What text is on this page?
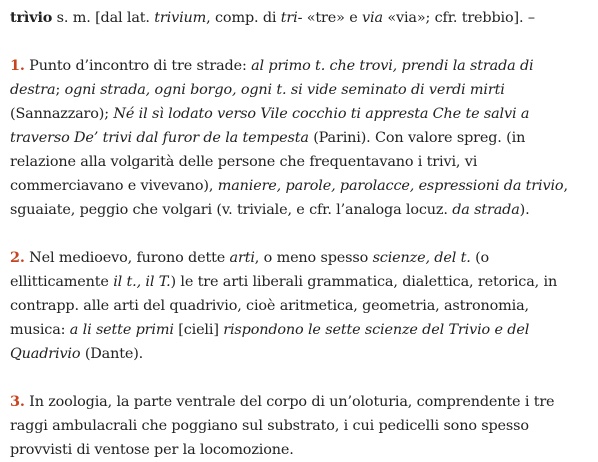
trìvio s. m. [dal lat. trivium, comp. di tri- «tre» e via «via»; cfr. trebbio]. –

1. Punto d’incontro di tre strade: al primo t. che trovi, prendi la strada di destra; ogni strada, ogni borgo, ogni t. si vide seminato di verdi mirti (Sannazzaro); Né il sì lodato verso Vile cocchio ti appresta Che te salvi a traverso De’ trivi dal furor de la tempesta (Parini). Con valore spreg. (in relazione alla volgarità delle persone che frequentavano i trivi, vi commerciavano e vivevano), maniere, parole, parolacce, espressioni da trivio, sguaiate, peggio che volgari (v. triviale, e cfr. l’analoga locuz. da strada).

2. Nel medioevo, furono dette arti, o meno spesso scienze, del t. (o ellitticamente il t., il T.) le tre arti liberali grammatica, dialettica, retorica, in contrapp. alle arti del quadrivio, cioè aritmetica, geometria, astronomia, musica: a li sette primi [cieli] rispondono le sette scienze del Trivio e del Quadrivio (Dante).

3. In zoologia, la parte ventrale del corpo di un’oloturia, comprendente i tre raggi ambulacrali che poggiano sul substrato, i cui pedicelli sono spesso provvisti di ventose per la locomozione.
